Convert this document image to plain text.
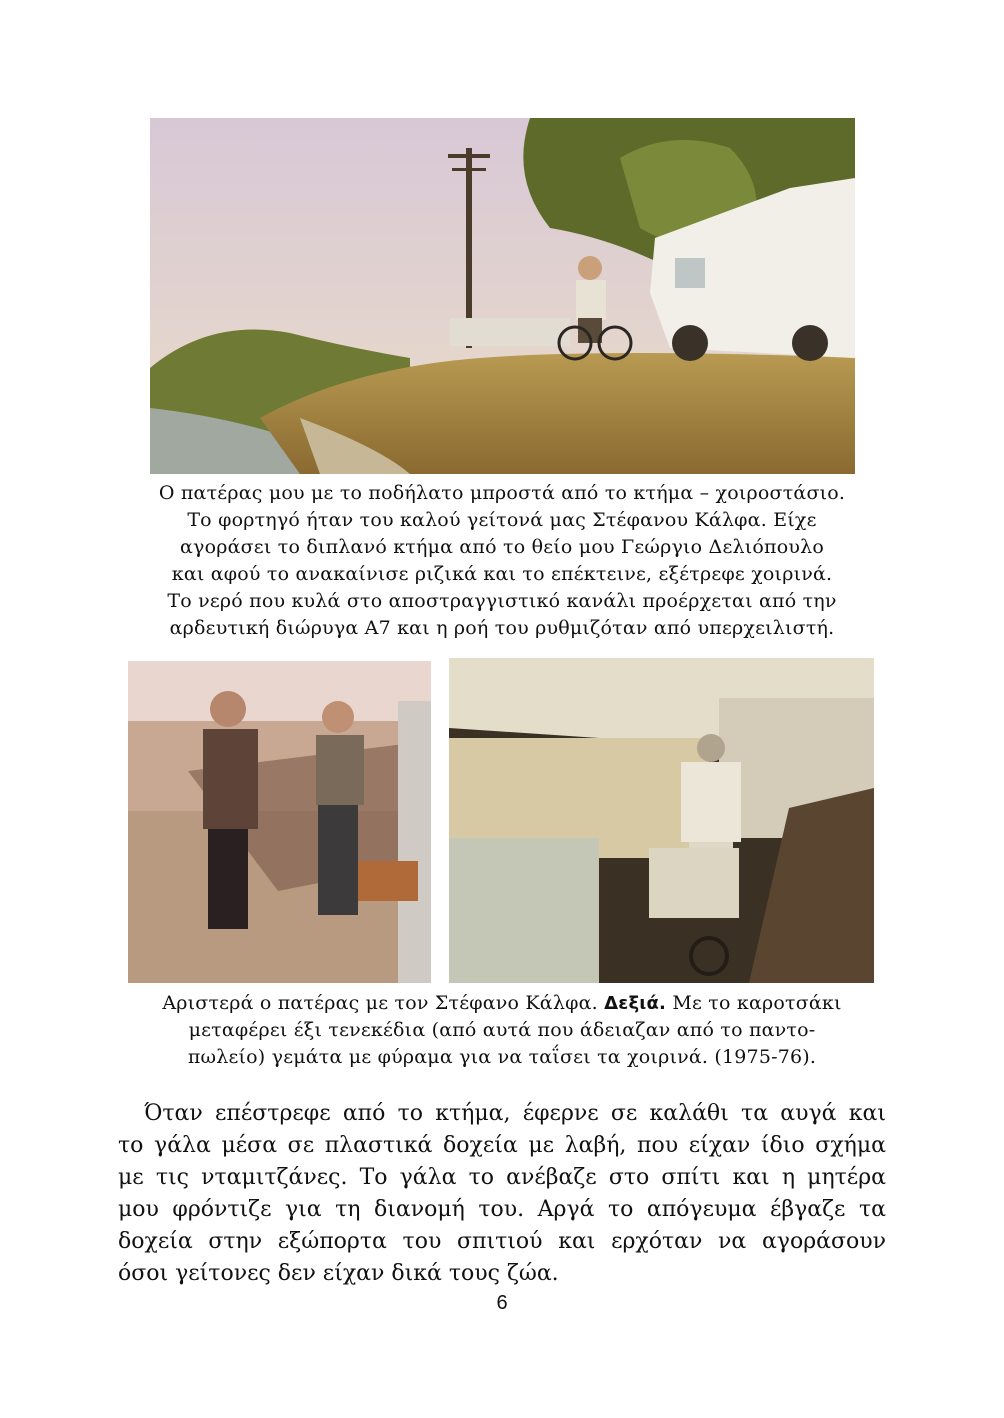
Ο πατέρας μου με το ποδήλατο μπροστά από το κτήμα – χοιροστάσιο.
Το φορτηγό ήταν του καλού γείτονά μας Στέφανου Κάλφα. Είχε
αγοράσει το διπλανό κτήμα από το θείο μου Γεώργιο Δελιόπουλο
και αφού το ανακαίνισε ριζικά και το επέκτεινε, εξέτρεφε χοιρινά.
Το νερό που κυλά στο αποστραγγιστικό κανάλι προέρχεται από την
αρδευτική διώρυγα Α7 και η ροή του ρυθμιζόταν από υπερχειλιστή.
Αριστερά ο πατέρας με τον Στέφανο Κάλφα. Δεξιά. Με το καροτσάκι
μεταφέρει έξι τενεκέδια (από αυτά που άδειαζαν από το παντο-
πωλείο) γεμάτα με φύραμα για να ταΐσει τα χοιρινά. (1975-76).
Όταν επέστρεφε από το κτήμα, έφερνε σε καλάθι τα αυγά και
το γάλα μέσα σε πλαστικά δοχεία με λαβή, που είχαν ίδιο σχήμα
με τις νταμιτζάνες. Το γάλα το ανέβαζε στο σπίτι και η μητέρα
μου φρόντιζε για τη διανομή του. Αργά το απόγευμα έβγαζε τα
δοχεία στην εξώπορτα του σπιτιού και ερχόταν να αγοράσουν
όσοι γείτονες δεν είχαν δικά τους ζώα.
6
